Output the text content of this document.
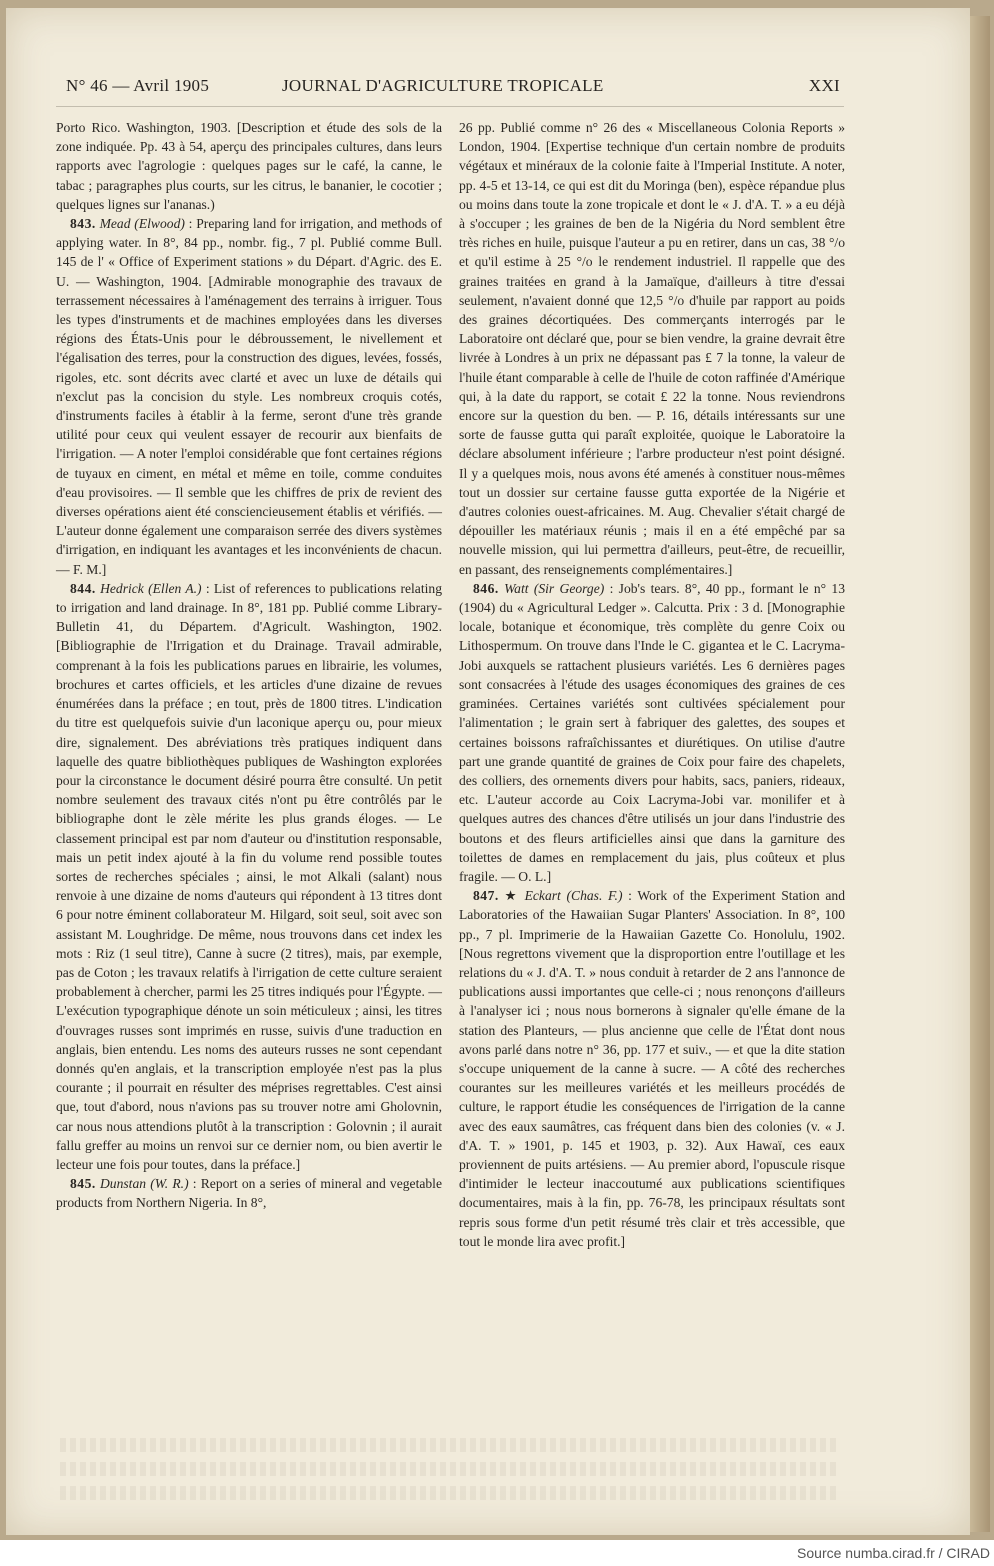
N° 46 — Avril 1905	JOURNAL D'AGRICULTURE TROPICALE	XXI

Porto Rico. Washington, 1903. [Description et étude des sols de la zone indiquée. Pp. 43 à 54, aperçu des principales cultures, dans leurs rapports avec l'agrologie : quelques pages sur le café, la canne, le tabac ; paragraphes plus courts, sur les citrus, le bananier, le cocotier ; quelques lignes sur l'ananas.)

843. Mead (Elwood) : Preparing land for irrigation, and methods of applying water. In 8°, 84 pp., nombr. fig., 7 pl. Publié comme Bull. 145 de l' « Office of Experiment stations » du Départ. d'Agric. des E. U. — Washington, 1904. [Admirable monographie des travaux de terrassement nécessaires à l'aménagement des terrains à irriguer. Tous les types d'instruments et de machines employées dans les diverses régions des États-Unis pour le débroussement, le nivellement et l'égalisation des terres, pour la construction des digues, levées, fossés, rigoles, etc. sont décrits avec clarté et avec un luxe de détails qui n'exclut pas la concision du style. Les nombreux croquis cotés, d'instruments faciles à établir à la ferme, seront d'une très grande utilité pour ceux qui veulent essayer de recourir aux bienfaits de l'irrigation. — A noter l'emploi considérable que font certaines régions de tuyaux en ciment, en métal et même en toile, comme conduites d'eau provisoires. — Il semble que les chiffres de prix de revient des diverses opérations aient été consciencieusement établis et vérifiés. — L'auteur donne également une comparaison serrée des divers systèmes d'irrigation, en indiquant les avantages et les inconvénients de chacun. — F. M.]

844. Hedrick (Ellen A.) : List of references to publications relating to irrigation and land drainage. In 8°, 181 pp. Publié comme Library-Bulletin 41, du Départem. d'Agricult. Washington, 1902. [Bibliographie de l'Irrigation et du Drainage. Travail admirable, comprenant à la fois les publications parues en librairie, les volumes, brochures et cartes officiels, et les articles d'une dizaine de revues énumérées dans la préface ; en tout, près de 1800 titres. L'indication du titre est quelquefois suivie d'un laconique aperçu ou, pour mieux dire, signalement. Des abréviations très pratiques indiquent dans laquelle des quatre bibliothèques publiques de Washington explorées pour la circonstance le document désiré pourra être consulté. Un petit nombre seulement des travaux cités n'ont pu être contrôlés par le bibliographe dont le zèle mérite les plus grands éloges. — Le classement principal est par nom d'auteur ou d'institution responsable, mais un petit index ajouté à la fin du volume rend possible toutes sortes de recherches spéciales ; ainsi, le mot Alkali (salant) nous renvoie à une dizaine de noms d'auteurs qui répondent à 13 titres dont 6 pour notre éminent collaborateur M. Hilgard, soit seul, soit avec son assistant M. Loughridge. De même, nous trouvons dans cet index les mots : Riz (1 seul titre), Canne à sucre (2 titres), mais, par exemple, pas de Coton ; les travaux relatifs à l'irrigation de cette culture seraient probablement à chercher, parmi les 25 titres indiqués pour l'Égypte. — L'exécution typographique dénote un soin méticuleux ; ainsi, les titres d'ouvrages russes sont imprimés en russe, suivis d'une traduction en anglais, bien entendu. Les noms des auteurs russes ne sont cependant donnés qu'en anglais, et la transcription employée n'est pas la plus courante ; il pourrait en résulter des méprises regrettables. C'est ainsi que, tout d'abord, nous n'avions pas su trouver notre ami Gholovnin, car nous nous attendions plutôt à la transcription : Golovnin ; il aurait fallu greffer au moins un renvoi sur ce dernier nom, ou bien avertir le lecteur une fois pour toutes, dans la préface.]

845. Dunstan (W. R.) : Report on a series of mineral and vegetable products from Northern Nigeria. In 8°,

26 pp. Publié comme n° 26 des « Miscellaneous Colonia Reports » London, 1904. [Expertise technique d'un certain nombre de produits végétaux et minéraux de la colonie faite à l'Imperial Institute. A noter, pp. 4-5 et 13-14, ce qui est dit du Moringa (ben), espèce répandue plus ou moins dans toute la zone tropicale et dont le « J. d'A. T. » a eu déjà à s'occuper ; les graines de ben de la Nigéria du Nord semblent être très riches en huile, puisque l'auteur a pu en retirer, dans un cas, 38 °/o et qu'il estime à 25 °/o le rendement industriel. Il rappelle que des graines traitées en grand à la Jamaïque, d'ailleurs à titre d'essai seulement, n'avaient donné que 12,5 °/o d'huile par rapport au poids des graines décortiquées. Des commerçants interrogés par le Laboratoire ont déclaré que, pour se bien vendre, la graine devrait être livrée à Londres à un prix ne dépassant pas £ 7 la tonne, la valeur de l'huile étant comparable à celle de l'huile de coton raffinée d'Amérique qui, à la date du rapport, se cotait £ 22 la tonne. Nous reviendrons encore sur la question du ben. — P. 16, détails intéressants sur une sorte de fausse gutta qui paraît exploitée, quoique le Laboratoire la déclare absolument inférieure ; l'arbre producteur n'est point désigné. Il y a quelques mois, nous avons été amenés à constituer nous-mêmes tout un dossier sur certaine fausse gutta exportée de la Nigérie et d'autres colonies ouest-africaines. M. Aug. Chevalier s'était chargé de dépouiller les matériaux réunis ; mais il en a été empêché par sa nouvelle mission, qui lui permettra d'ailleurs, peut-être, de recueillir, en passant, des renseignements complémentaires.]

846. Watt (Sir George) : Job's tears. 8°, 40 pp., formant le n° 13 (1904) du « Agricultural Ledger ». Calcutta. Prix : 3 d. [Monographie locale, botanique et économique, très complète du genre Coix ou Lithospermum. On trouve dans l'Inde le C. gigantea et le C. Lacryma-Jobi auxquels se rattachent plusieurs variétés. Les 6 dernières pages sont consacrées à l'étude des usages économiques des graines de ces graminées. Certaines variétés sont cultivées spécialement pour l'alimentation ; le grain sert à fabriquer des galettes, des soupes et certaines boissons rafraîchissantes et diurétiques. On utilise d'autre part une grande quantité de graines de Coix pour faire des chapelets, des colliers, des ornements divers pour habits, sacs, paniers, rideaux, etc. L'auteur accorde au Coix Lacryma-Jobi var. monilifer et à quelques autres des chances d'être utilisés un jour dans l'industrie des boutons et des fleurs artificielles ainsi que dans la garniture des toilettes de dames en remplacement du jais, plus coûteux et plus fragile. — O. L.]

847. ★ Eckart (Chas. F.) : Work of the Experiment Station and Laboratories of the Hawaiian Sugar Planters' Association. In 8°, 100 pp., 7 pl. Imprimerie de la Hawaiian Gazette Co. Honolulu, 1902. [Nous regrettons vivement que la disproportion entre l'outillage et les relations du « J. d'A. T. » nous conduit à retarder de 2 ans l'annonce de publications aussi importantes que celle-ci ; nous renonçons d'ailleurs à l'analyser ici ; nous nous bornerons à signaler qu'elle émane de la station des Planteurs, — plus ancienne que celle de l'État dont nous avons parlé dans notre n° 36, pp. 177 et suiv., — et que la dite station s'occupe uniquement de la canne à sucre. — A côté des recherches courantes sur les meilleures variétés et les meilleurs procédés de culture, le rapport étudie les conséquences de l'irrigation de la canne avec des eaux saumâtres, cas fréquent dans bien des colonies (v. « J. d'A. T. » 1901, p. 145 et 1903, p. 32). Aux Hawaï, ces eaux proviennent de puits artésiens. — Au premier abord, l'opuscule risque d'intimider le lecteur inaccoutumé aux publications scientifiques documentaires, mais à la fin, pp. 76-78, les principaux résultats sont repris sous forme d'un petit résumé très clair et très accessible, que tout le monde lira avec profit.]

Source numba.cirad.fr / CIRAD
